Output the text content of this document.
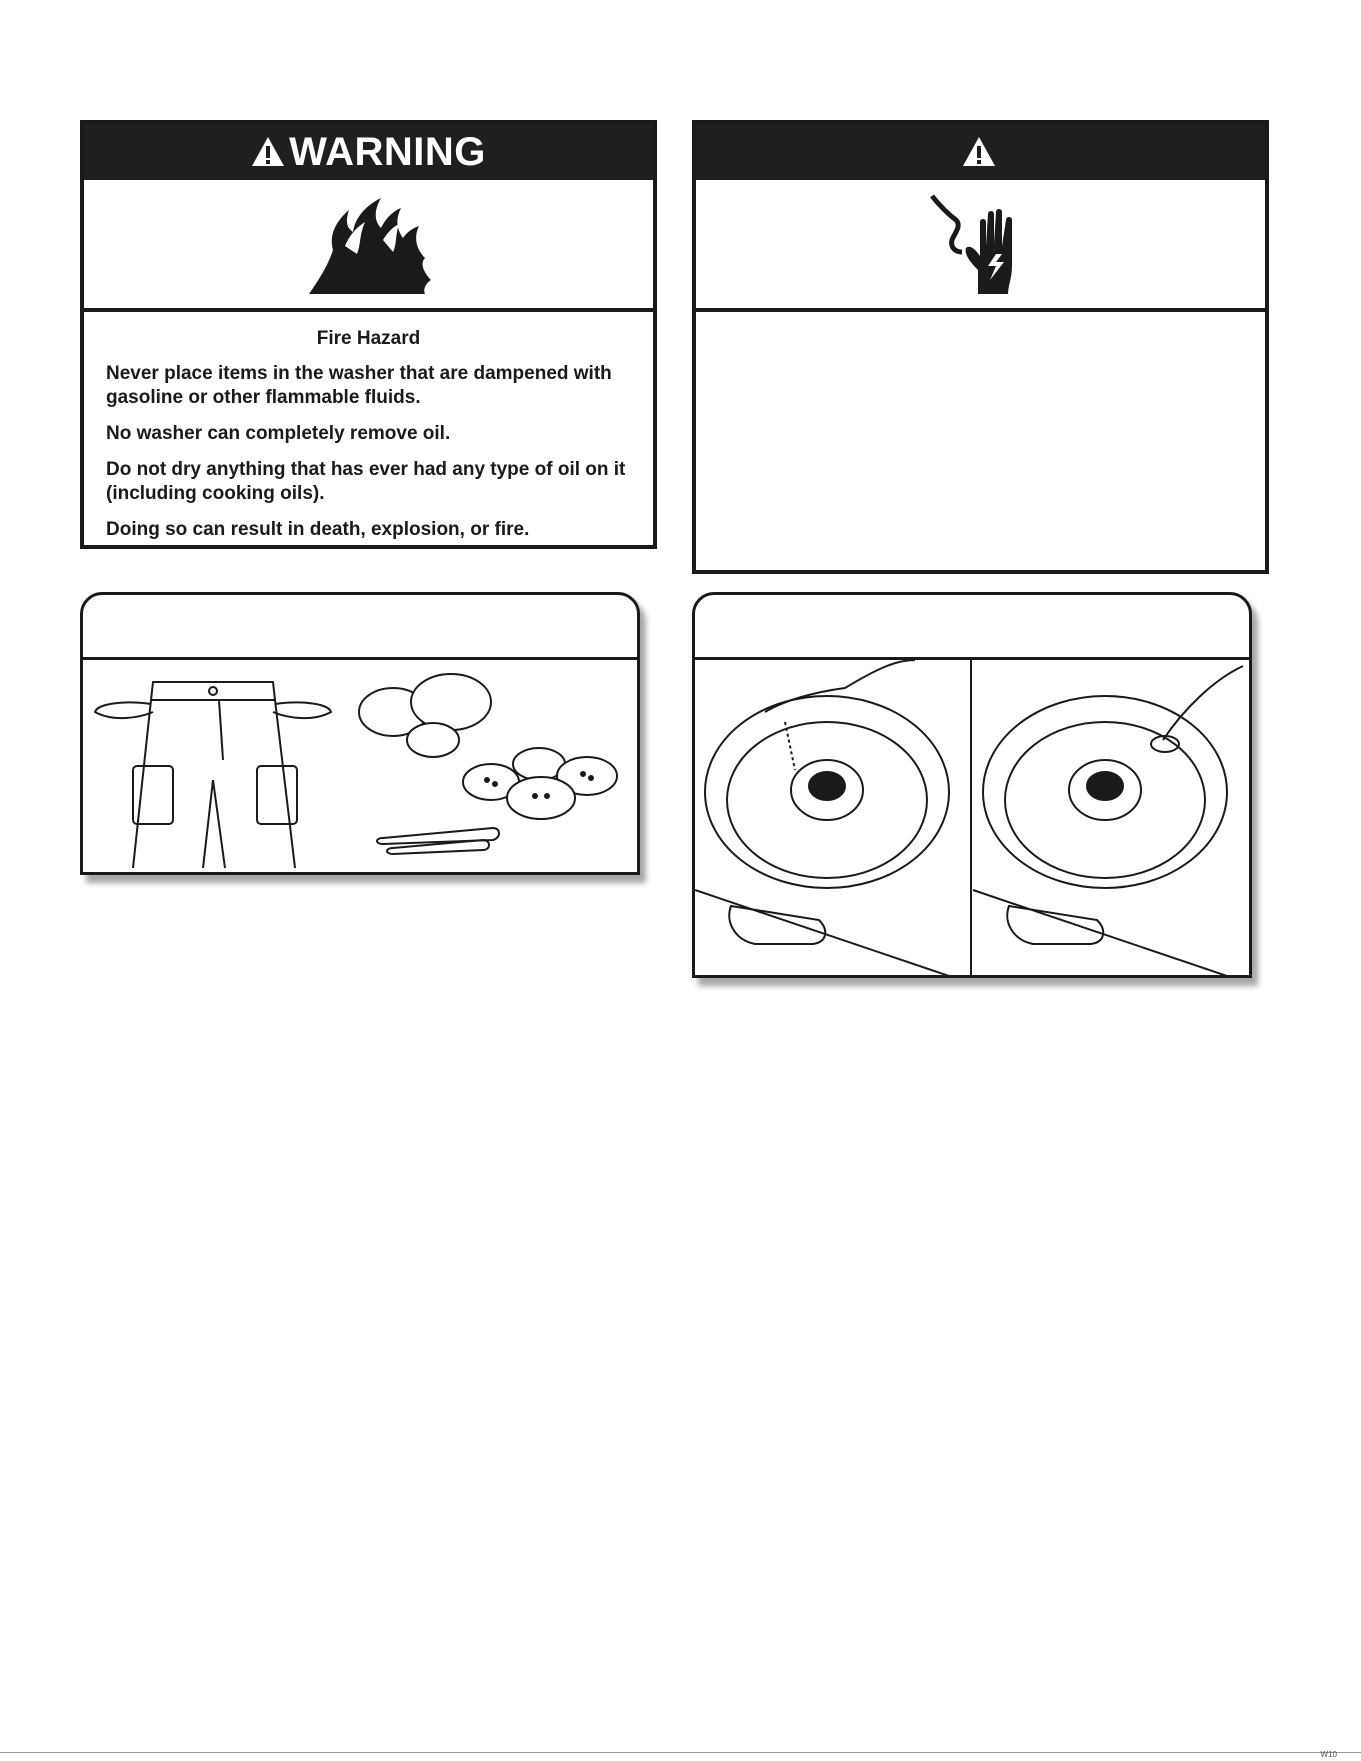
WARNING
Fire Hazard

Never place items in the washer that are dampened with gasoline or other flammable fluids.

No washer can completely remove oil.

Do not dry anything that has ever had any type of oil on it (including cooking oils).

Doing so can result in death, explosion, or fire.

W10
